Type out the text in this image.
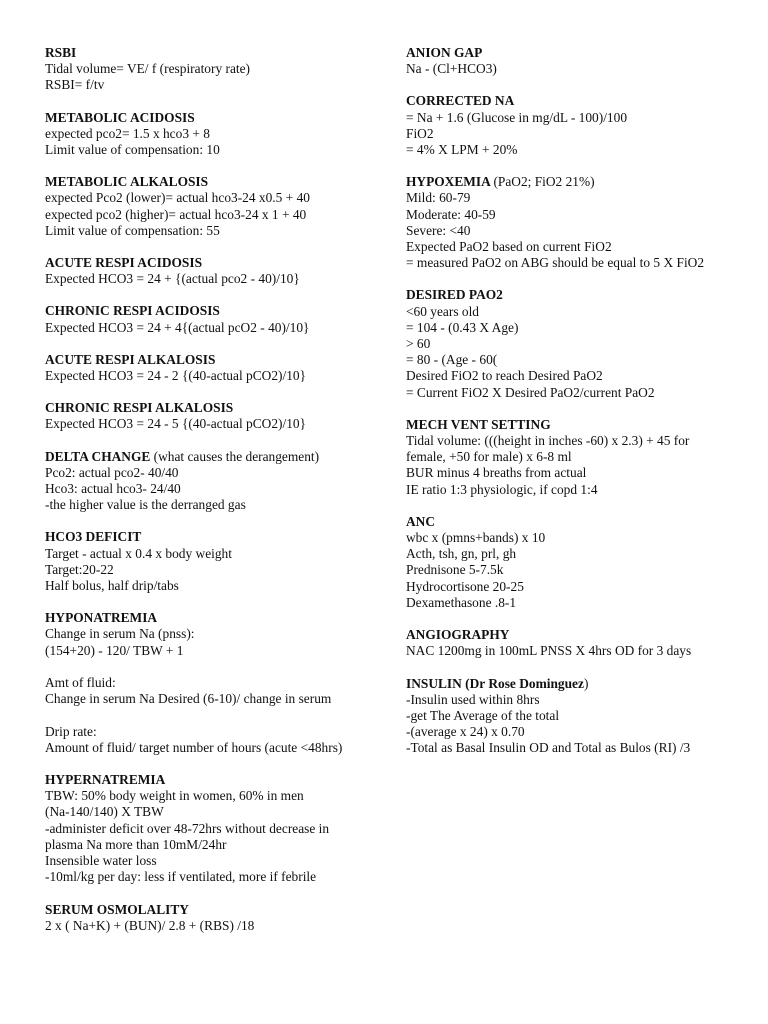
RSBI

Tidal volume= VE/ f (respiratory rate)

RSBI= f/tv

METABOLIC ACIDOSIS

expected pco2= 1.5 x hco3 + 8

Limit value of compensation: 10

METABOLIC ALKALOSIS

expected Pco2 (lower)= actual hco3-24 x0.5 + 40

expected pco2 (higher)= actual hco3-24 x 1 + 40

Limit value of compensation: 55

ACUTE RESPI ACIDOSIS

Expected HCO3 = 24 + {(actual pco2 - 40)/10}

CHRONIC RESPI ACIDOSIS

Expected HCO3 = 24 + 4{(actual pcO2 - 40)/10}

ACUTE RESPI ALKALOSIS

Expected HCO3 = 24 - 2 {(40-actual pCO2)/10}

CHRONIC RESPI ALKALOSIS

Expected HCO3 = 24 - 5 {(40-actual pCO2)/10}

DELTA CHANGE (what causes the derangement)

Pco2: actual pco2- 40/40

Hco3: actual hco3- 24/40

-the higher value is the derranged gas

HCO3 DEFICIT

Target - actual x 0.4 x body weight

Target:20-22

Half bolus, half drip/tabs

HYPONATREMIA

Change in serum Na (pnss):

(154+20) - 120/ TBW + 1

Amt of fluid:

Change in serum Na Desired (6-10)/ change in serum

Drip rate:

Amount of fluid/ target number of hours (acute <48hrs)

HYPERNATREMIA

TBW: 50% body weight in women, 60% in men

(Na-140/140) X TBW

-administer deficit over 48-72hrs without decrease in

plasma Na more than 10mM/24hr

Insensible water loss

-10ml/kg per day: less if ventilated, more if febrile

SERUM OSMOLALITY

2 x ( Na+K) + (BUN)/ 2.8 + (RBS) /18

ANION GAP

Na - (Cl+HCO3)

CORRECTED NA

= Na + 1.6 (Glucose in mg/dL - 100)/100

FiO2

= 4% X LPM + 20%

HYPOXEMIA (PaO2; FiO2 21%)

Mild: 60-79

Moderate: 40-59

Severe: <40

Expected PaO2 based on current FiO2

= measured PaO2 on ABG should be equal to 5 X FiO2

DESIRED PAO2

<60 years old

= 104 - (0.43 X Age)

> 60

= 80 - (Age - 60(

Desired FiO2 to reach Desired PaO2

= Current FiO2 X Desired PaO2/current PaO2

MECH VENT SETTING

Tidal volume: (((height in inches -60) x 2.3) + 45 for

female, +50 for male) x 6-8 ml

BUR minus 4 breaths from actual

IE ratio 1:3 physiologic, if copd 1:4

ANC

wbc x (pmns+bands) x 10

Acth, tsh, gn, prl, gh

Prednisone 5-7.5k

Hydrocortisone 20-25

Dexamethasone .8-1

ANGIOGRAPHY

NAC 1200mg in 100mL PNSS X 4hrs OD for 3 days

INSULIN (Dr Rose Dominguez)

-Insulin used within 8hrs

-get The Average of the total

-(average x 24) x 0.70

-Total as Basal Insulin OD and Total as Bulos (RI) /3
